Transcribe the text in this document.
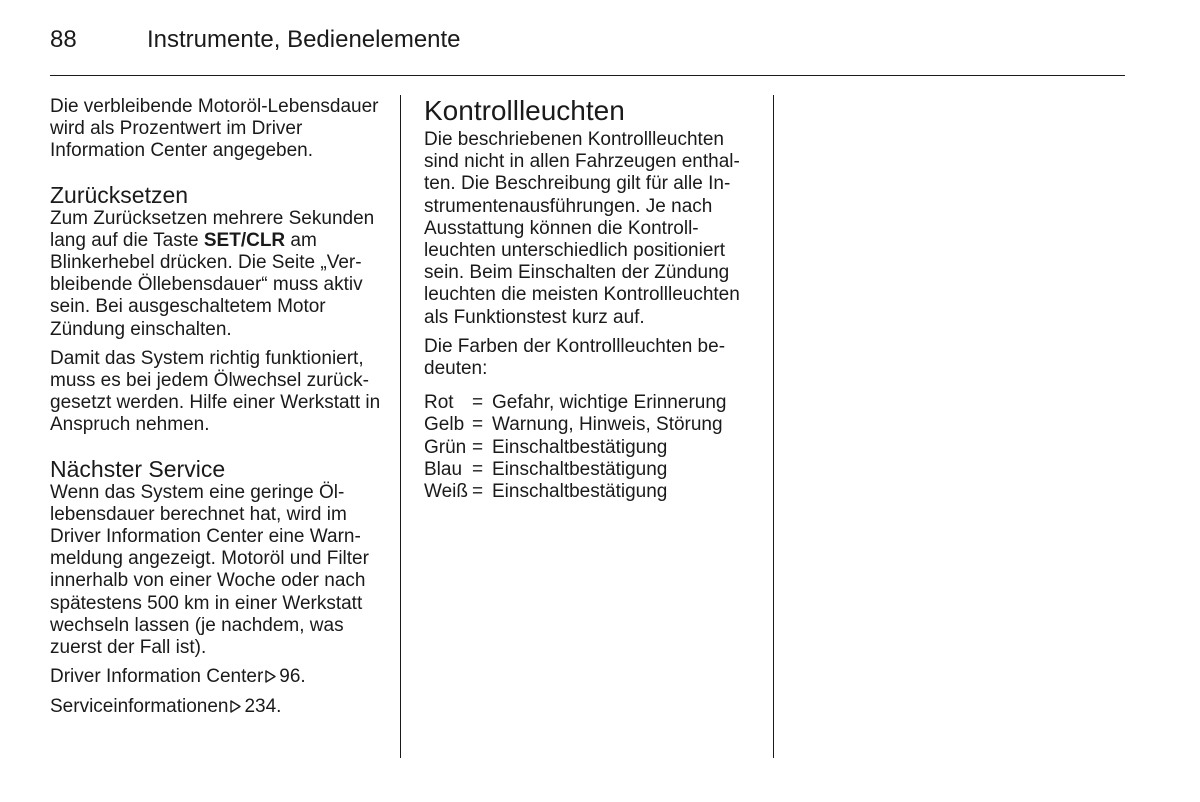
88	Instrumente, Bedienelemente

Die verbleibende Motoröl-Lebensdauer wird als Prozentwert im Driver Information Center angegeben.

Zurücksetzen

Zum Zurücksetzen mehrere Sekunden lang auf die Taste SET/CLR am Blinkerhebel drücken. Die Seite „Verbleibende Öllebensdauer“ muss aktiv sein. Bei ausgeschaltetem Motor Zündung einschalten.

Damit das System richtig funktioniert, muss es bei jedem Ölwechsel zurückgesetzt werden. Hilfe einer Werkstatt in Anspruch nehmen.

Nächster Service

Wenn das System eine geringe Öllebensdauer berechnet hat, wird im Driver Information Center eine Warnmeldung angezeigt. Motoröl und Filter innerhalb von einer Woche oder nach spätestens 500 km in einer Werkstatt wechseln lassen (je nachdem, was zuerst der Fall ist).

Driver Information Center 96.

Serviceinformationen 234.

Kontrollleuchten

Die beschriebenen Kontrollleuchten sind nicht in allen Fahrzeugen enthalten. Die Beschreibung gilt für alle Instrumentenausführungen. Je nach Ausstattung können die Kontrollleuchten unterschiedlich positioniert sein. Beim Einschalten der Zündung leuchten die meisten Kontrollleuchten als Funktionstest kurz auf.

Die Farben der Kontrollleuchten bedeuten:

Rot	=	Gefahr, wichtige Erinnerung
Gelb	=	Warnung, Hinweis, Störung
Grün	=	Einschaltbestätigung
Blau	=	Einschaltbestätigung
Weiß	=	Einschaltbestätigung
